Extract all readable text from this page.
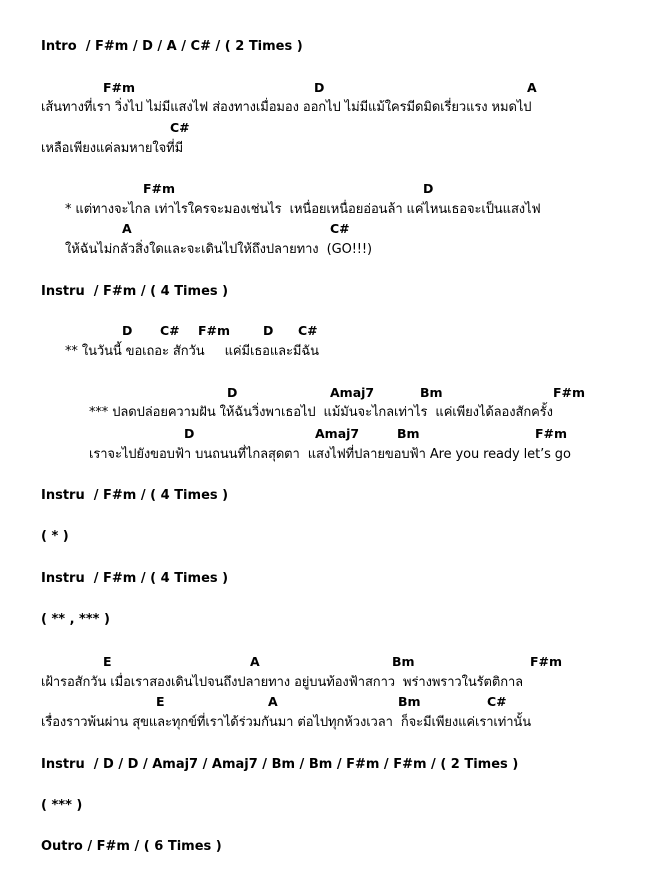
Intro  / F#m / D / A / C# / ( 2 Times )
F#m	D	A
เส้นทางที่เรา วิ่งไป ไม่มีแสงไฟ ส่องทางเมื่อมอง ออกไป ไม่มีแม้ใครมีดมิดเรี่ยวแรง หมดไป
C#
เหลือเพียงแค่ลมหายใจที่มี
F#m	D
* แต่ทางจะไกล เท่าไรใครจะมองเช่นไร  เหนื่อยเหนื่อยอ่อนล้า แค่ไหนเธอจะเป็นแสงไฟ
A	C#
ให้ฉันไม่กลัวสิ่งใดและจะเดินไปให้ถึงปลายทาง  (GO!!!)
Instru  / F#m / ( 4 Times )
D C# F#m	D C#
** ในวันนี้ ขอเถอะ สักวัน     แค่มีเธอและมีฉัน
D	Amaj7	Bm	F#m
*** ปลดปล่อยความฝัน ให้ฉันวิ่งพาเธอไป  แม้มันจะไกลเท่าไร  แค่เพียงได้ลองสักครั้ง
D	Amaj7	Bm	F#m
เราจะไปยังขอบฟ้า บนถนนที่ไกลสุดตา  แสงไฟที่ปลายขอบฟ้า Are you ready let’s go
Instru  / F#m / ( 4 Times )
( * )
Instru  / F#m / ( 4 Times )
( ** , *** )
E	A	Bm	F#m
เฝ้ารอสักวัน เมื่อเราสองเดินไปจนถึงปลายทาง อยู่บนท้องฟ้าสกาว  พร่างพราวในรัตติกาล
E	A	Bm	C#
เรื่องราวพ้นผ่าน สุขและทุกข์ที่เราได้ร่วมกันมา ต่อไปทุกห้วงเวลา  ก็จะมีเพียงแค่เราเท่านั้น
Instru  / D / D / Amaj7 / Amaj7 / Bm / Bm / F#m / F#m / ( 2 Times )
( *** )
Outro / F#m / ( 6 Times )
